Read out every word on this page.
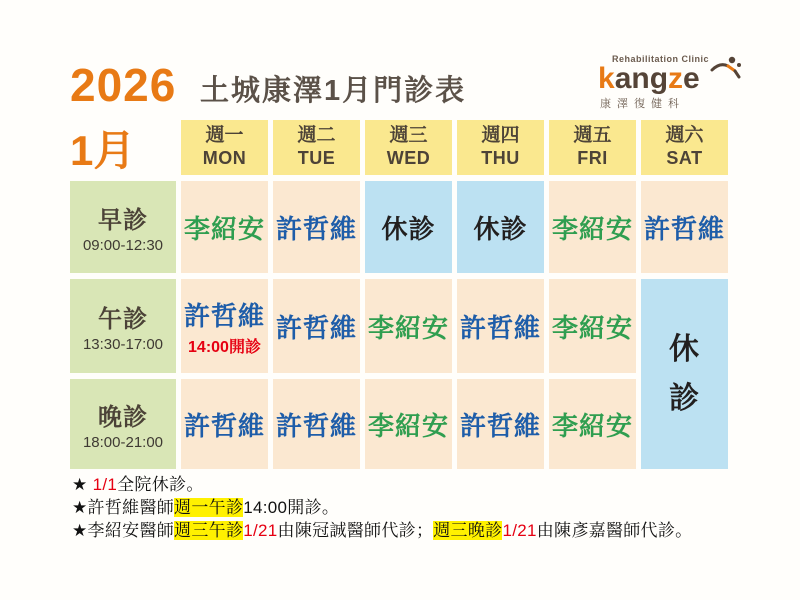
2026
1月
土城康澤1月門診表
Rehabilitation Clinic
k ang z e
康澤復健科
週一
MON
週二
TUE
週三
WED
週四
THU
週五
FRI
週六
SAT
早診
09:00-12:30
李紹安 許哲維 休診 休診 李紹安 許哲維
午診
13:30-17:00
許哲維
14:00開診
許哲維 李紹安 許哲維 李紹安
休
診
晚診
18:00-21:00
許哲維 許哲維 李紹安 許哲維 李紹安
★ 1/1全院休診。
★許哲維醫師週一午診14:00開診。
★李紹安醫師週三午診1/21由陳冠誠醫師代診；週三晚診1/21由陳彥嘉醫師代診。
